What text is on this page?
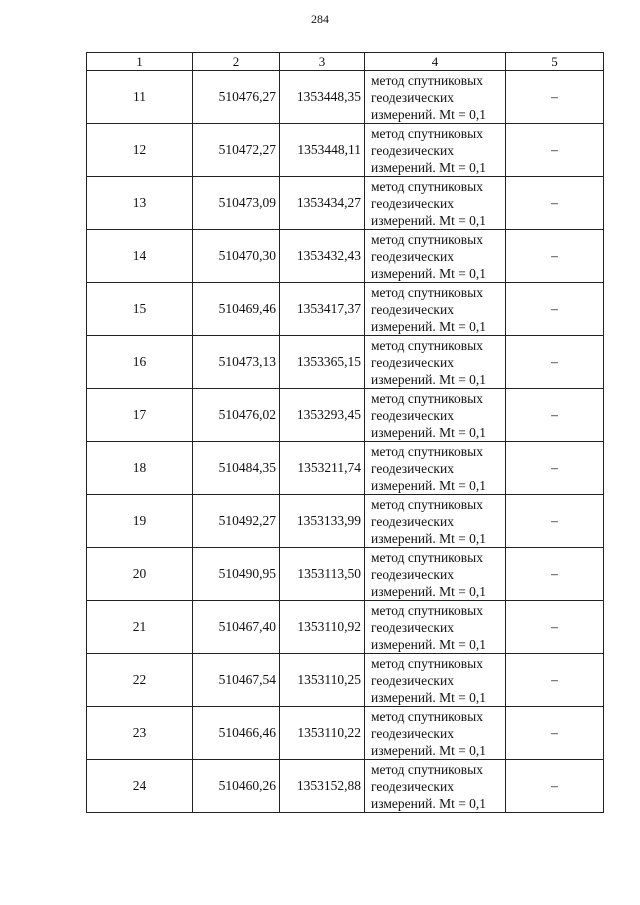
284
1	2	3	4	5
11	510476,27	1353448,35	метод спутниковых
геодезических
измерений. Mt = 0,1	–
12	510472,27	1353448,11	метод спутниковых
геодезических
измерений. Mt = 0,1	–
13	510473,09	1353434,27	метод спутниковых
геодезических
измерений. Mt = 0,1	–
14	510470,30	1353432,43	метод спутниковых
геодезических
измерений. Mt = 0,1	–
15	510469,46	1353417,37	метод спутниковых
геодезических
измерений. Mt = 0,1	–
16	510473,13	1353365,15	метод спутниковых
геодезических
измерений. Mt = 0,1	–
17	510476,02	1353293,45	метод спутниковых
геодезических
измерений. Mt = 0,1	–
18	510484,35	1353211,74	метод спутниковых
геодезических
измерений. Mt = 0,1	–
19	510492,27	1353133,99	метод спутниковых
геодезических
измерений. Mt = 0,1	–
20	510490,95	1353113,50	метод спутниковых
геодезических
измерений. Mt = 0,1	–
21	510467,40	1353110,92	метод спутниковых
геодезических
измерений. Mt = 0,1	–
22	510467,54	1353110,25	метод спутниковых
геодезических
измерений. Mt = 0,1	–
23	510466,46	1353110,22	метод спутниковых
геодезических
измерений. Mt = 0,1	–
24	510460,26	1353152,88	метод спутниковых
геодезических
измерений. Mt = 0,1	–
